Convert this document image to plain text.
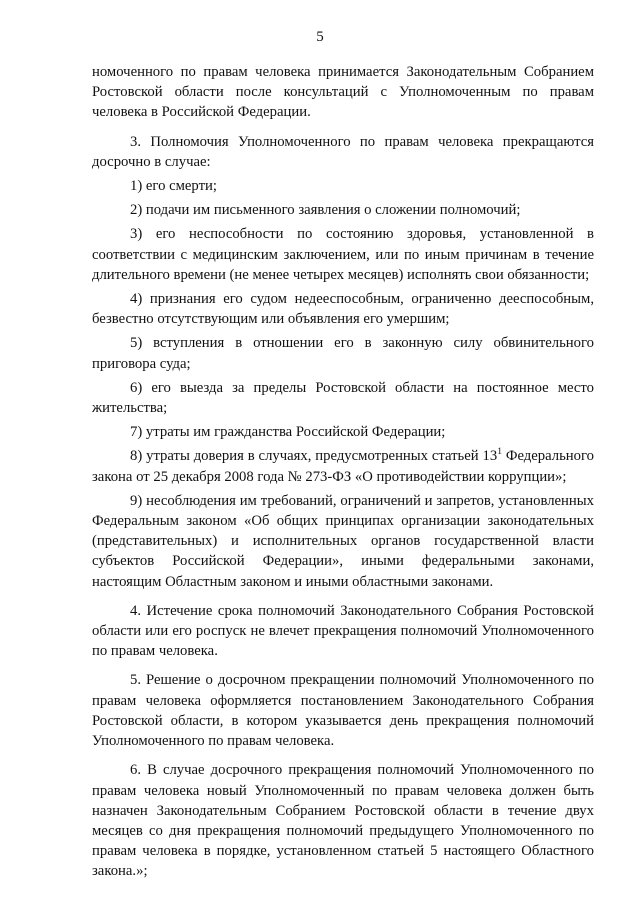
5

номоченного по правам человека принимается Законодательным Собранием Ростовской области после консультаций с Уполномоченным по правам человека в Российской Федерации.

3. Полномочия Уполномоченного по правам человека прекращаются досрочно в случае:

1) его смерти;

2) подачи им письменного заявления о сложении полномочий;

3) его неспособности по состоянию здоровья, установленной в соответствии с медицинским заключением, или по иным причинам в течение длительного времени (не менее четырех месяцев) исполнять свои обязанности;

4) признания его судом недееспособным, ограниченно дееспособным, безвестно отсутствующим или объявления его умершим;

5) вступления в отношении его в законную силу обвинительного приговора суда;

6) его выезда за пределы Ростовской области на постоянное место жительства;

7) утраты им гражданства Российской Федерации;

8) утраты доверия в случаях, предусмотренных статьей $13^1$ Федерального закона от 25 декабря 2008 года № 273-ФЗ «О противодействии коррупции»;

9) несоблюдения им требований, ограничений и запретов, установленных Федеральным законом «Об общих принципах организации законодательных (представительных) и исполнительных органов государственной власти субъектов Российской Федерации», иными федеральными законами, настоящим Областным законом и иными областными законами.

4. Истечение срока полномочий Законодательного Собрания Ростовской области или его роспуск не влечет прекращения полномочий Уполномоченного по правам человека.

5. Решение о досрочном прекращении полномочий Уполномоченного по правам человека оформляется постановлением Законодательного Собрания Ростовской области, в котором указывается день прекращения полномочий Уполномоченного по правам человека.

6. В случае досрочного прекращения полномочий Уполномоченного по правам человека новый Уполномоченный по правам человека должен быть назначен Законодательным Собранием Ростовской области в течение двух месяцев со дня прекращения полномочий предыдущего Уполномоченного по правам человека в порядке, установленном статьей 5 настоящего Областного закона.»;
